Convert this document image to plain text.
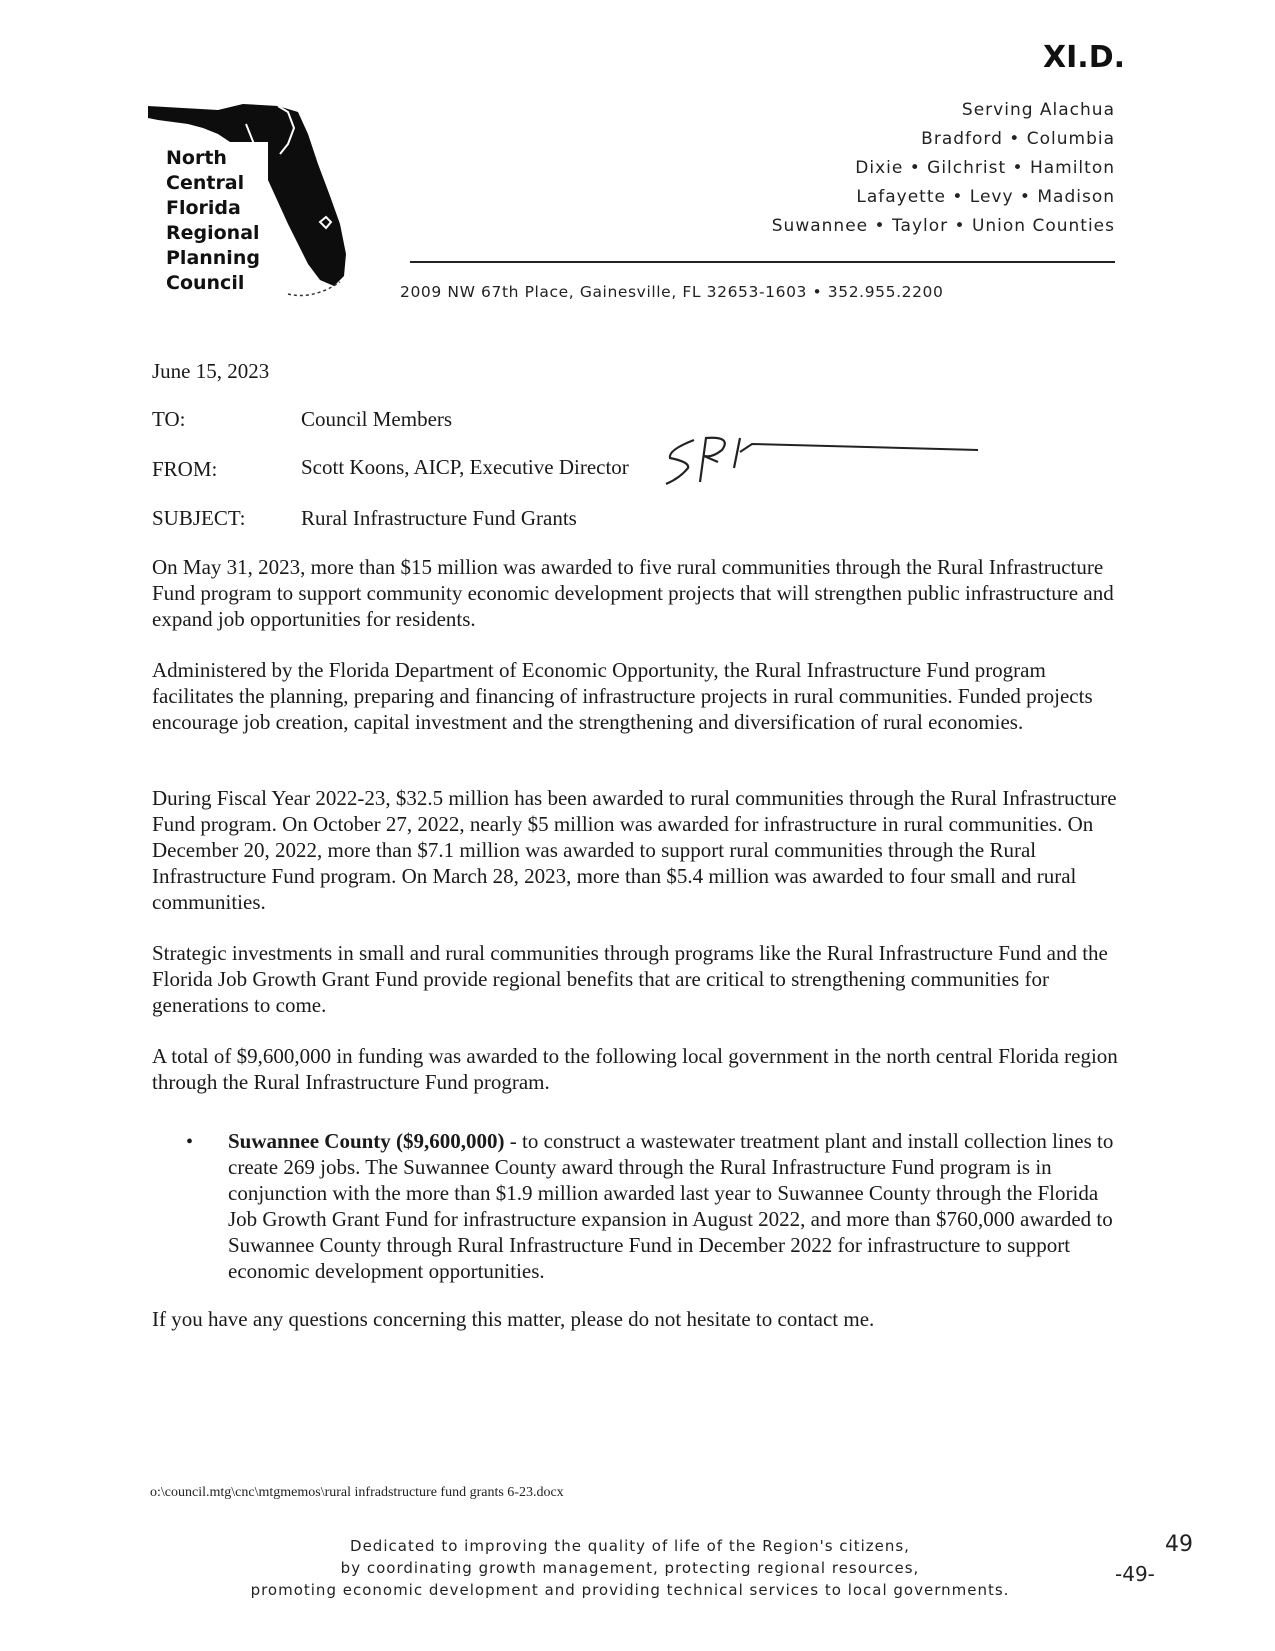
XI.D.
North
Central
Florida
Regional
Planning
Council
Serving Alachua
Bradford • Columbia
Dixie • Gilchrist • Hamilton
Lafayette • Levy • Madison
Suwannee • Taylor • Union Counties
2009 NW 67th Place, Gainesville, FL 32653-1603 • 352.955.2200
June 15, 2023
TO:	Council Members
FROM:	Scott Koons, AICP, Executive Director
SUBJECT:	Rural Infrastructure Fund Grants
On May 31, 2023, more than $15 million was awarded to five rural communities through the Rural Infrastructure Fund program to support community economic development projects that will strengthen public infrastructure and expand job opportunities for residents.
Administered by the Florida Department of Economic Opportunity, the Rural Infrastructure Fund program facilitates the planning, preparing and financing of infrastructure projects in rural communities. Funded projects encourage job creation, capital investment and the strengthening and diversification of rural economies.
During Fiscal Year 2022-23, $32.5 million has been awarded to rural communities through the Rural Infrastructure Fund program. On October 27, 2022, nearly $5 million was awarded for infrastructure in rural communities. On December 20, 2022, more than $7.1 million was awarded to support rural communities through the Rural Infrastructure Fund program. On March 28, 2023, more than $5.4 million was awarded to four small and rural communities.
Strategic investments in small and rural communities through programs like the Rural Infrastructure Fund and the Florida Job Growth Grant Fund provide regional benefits that are critical to strengthening communities for generations to come.
A total of $9,600,000 in funding was awarded to the following local government in the north central Florida region through the Rural Infrastructure Fund program.
• Suwannee County ($9,600,000) - to construct a wastewater treatment plant and install collection lines to create 269 jobs. The Suwannee County award through the Rural Infrastructure Fund program is in conjunction with the more than $1.9 million awarded last year to Suwannee County through the Florida Job Growth Grant Fund for infrastructure expansion in August 2022, and more than $760,000 awarded to Suwannee County through Rural Infrastructure Fund in December 2022 for infrastructure to support economic development opportunities.
If you have any questions concerning this matter, please do not hesitate to contact me.
o:\council.mtg\cnc\mtgmemos\rural infradstructure fund grants 6-23.docx
Dedicated to improving the quality of life of the Region's citizens,
by coordinating growth management, protecting regional resources,
promoting economic development and providing technical services to local governments.
49
-49-
